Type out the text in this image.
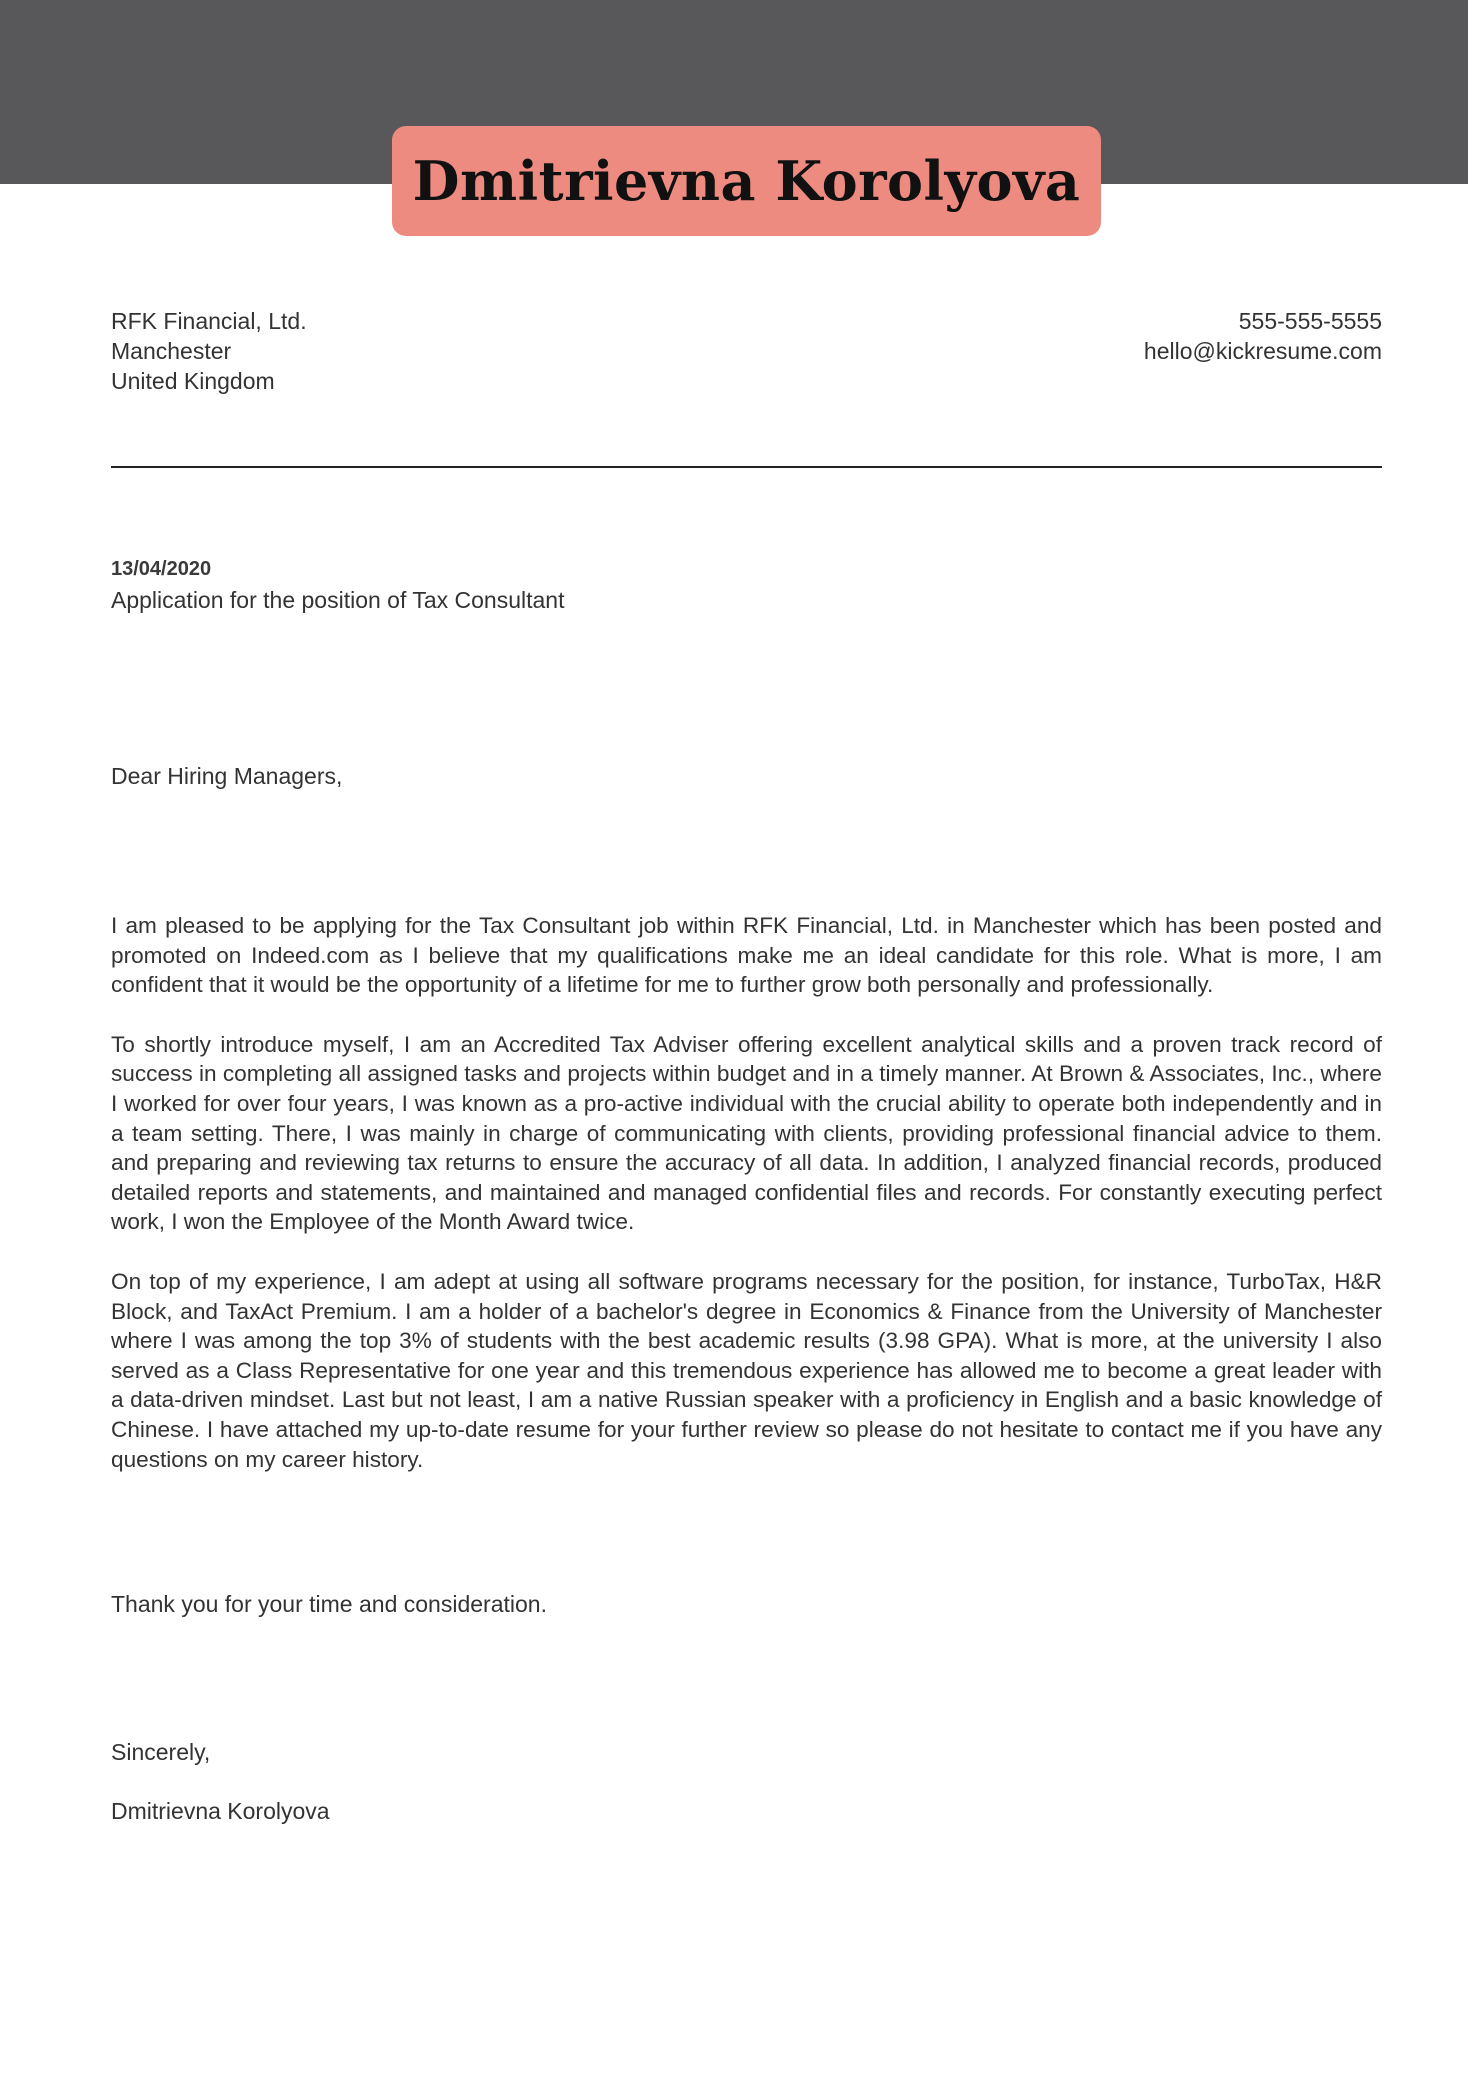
Dmitrievna Korolyova
RFK Financial, Ltd.
Manchester
United Kingdom
555-555-5555
hello@kickresume.com
13/04/2020
Application for the position of Tax Consultant
Dear Hiring Managers,

I am pleased to be applying for the Tax Consultant job within RFK Financial, Ltd. in Manchester which has been posted and promoted on Indeed.com as I believe that my qualifications make me an ideal candidate for this role. What is more, I am confident that it would be the opportunity of a lifetime for me to further grow both personally and professionally.

To shortly introduce myself, I am an Accredited Tax Adviser offering excellent analytical skills and a proven track record of success in completing all assigned tasks and projects within budget and in a timely manner. At Brown & Associates, Inc., where I worked for over four years, I was known as a pro-active individual with the crucial ability to operate both independently and in a team setting. There, I was mainly in charge of communicating with clients, providing professional financial advice to them. and preparing and reviewing tax returns to ensure the accuracy of all data. In addition, I analyzed financial records, produced detailed reports and statements, and maintained and managed confidential files and records. For constantly executing perfect work, I won the Employee of the Month Award twice.

On top of my experience, I am adept at using all software programs necessary for the position, for instance, TurboTax, H&R Block, and TaxAct Premium. I am a holder of a bachelor's degree in Economics & Finance from the University of Manchester where I was among the top 3% of students with the best academic results (3.98 GPA). What is more, at the university I also served as a Class Representative for one year and this tremendous experience has allowed me to become a great leader with a data-driven mindset. Last but not least, I am a native Russian speaker with a proficiency in English and a basic knowledge of Chinese. I have attached my up-to-date resume for your further review so please do not hesitate to contact me if you have any questions on my career history.

Thank you for your time and consideration.
Sincerely,
Dmitrievna Korolyova
